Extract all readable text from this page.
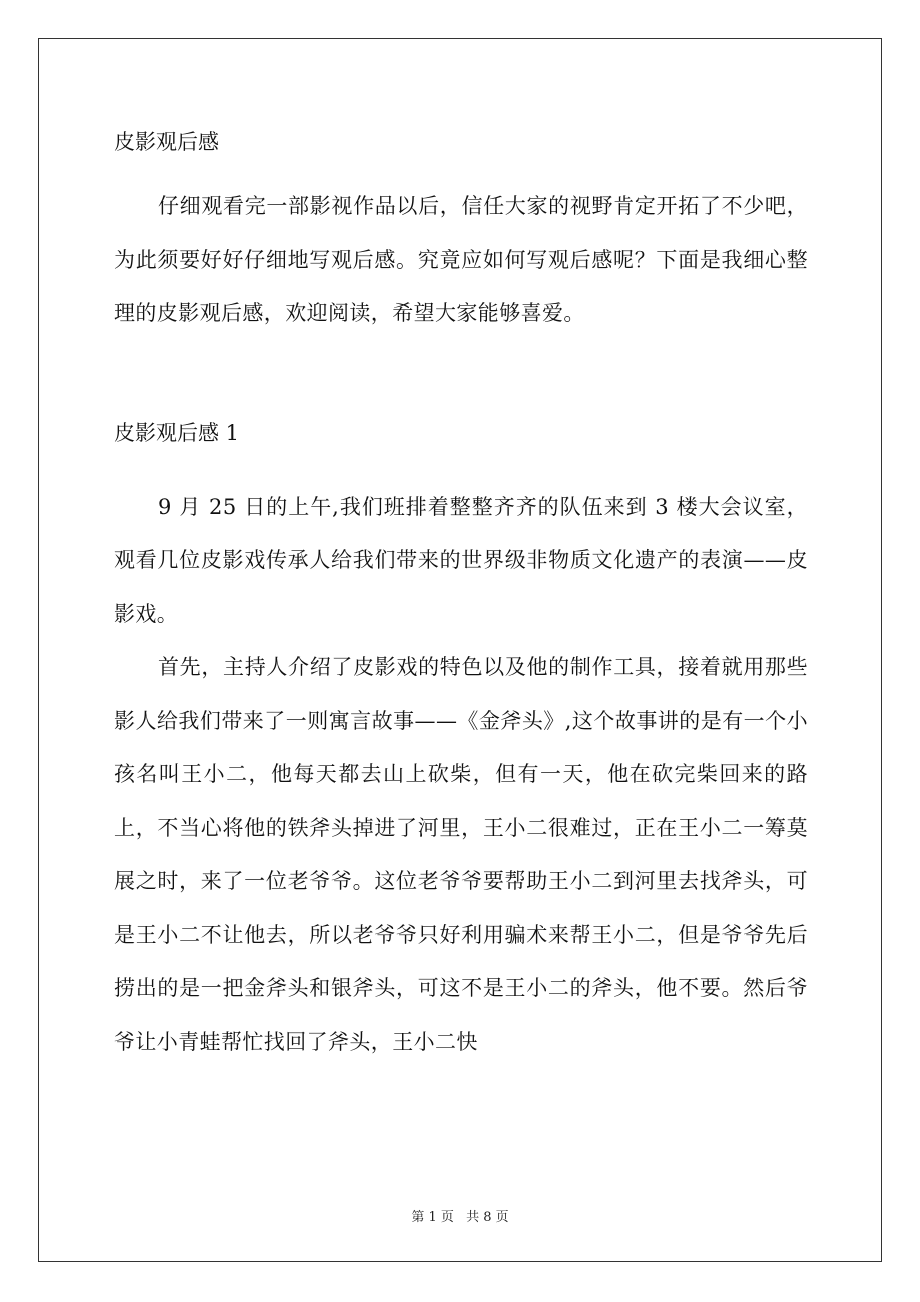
皮影观后感

仔细观看完一部影视作品以后，信任大家的视野肯定开拓了不少吧，为此须要好好仔细地写观后感。究竟应如何写观后感呢？下面是我细心整理的皮影观后感，欢迎阅读，希望大家能够喜爱。

皮影观后感 1

9 月 25 日的上午,我们班排着整整齐齐的队伍来到 3 楼大会议室，观看几位皮影戏传承人给我们带来的世界级非物质文化遗产的表演——皮影戏。

首先，主持人介绍了皮影戏的特色以及他的制作工具，接着就用那些影人给我们带来了一则寓言故事——《金斧头》,这个故事讲的是有一个小孩名叫王小二，他每天都去山上砍柴，但有一天，他在砍完柴回来的路上，不当心将他的铁斧头掉进了河里，王小二很难过，正在王小二一筹莫展之时，来了一位老爷爷。这位老爷爷要帮助王小二到河里去找斧头，可是王小二不让他去，所以老爷爷只好利用骗术来帮王小二，但是爷爷先后捞出的是一把金斧头和银斧头，可这不是王小二的斧头，他不要。然后爷爷让小青蛙帮忙找回了斧头，王小二快

第 1 页 共 8 页
